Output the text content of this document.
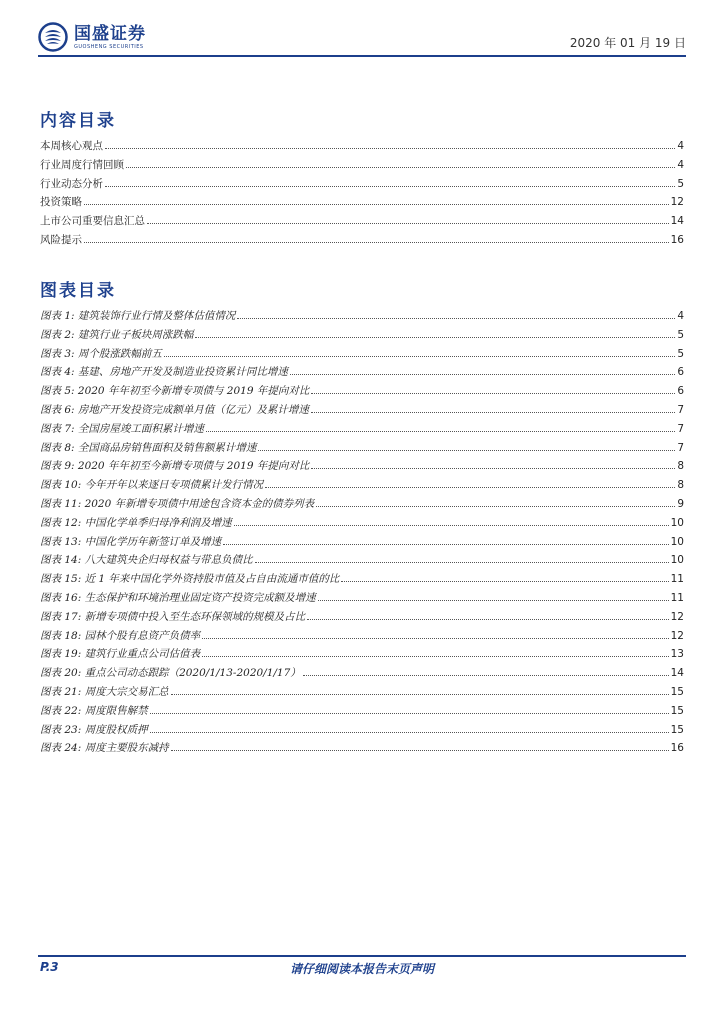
国盛证券
GUOSHENG SECURITIES	2020 年 01 月 19 日
内容目录
本周核心观点	4
行业周度行情回顾	4
行业动态分析	5
投资策略	12
上市公司重要信息汇总	14
风险提示	16
图表目录
图表 1: 建筑装饰行业行情及整体估值情况	4
图表 2: 建筑行业子板块周涨跌幅	5
图表 3: 周个股涨跌幅前五	5
图表 4: 基建、房地产开发及制造业投资累计同比增速	6
图表 5: 2020 年年初至今新增专项债与 2019 年提向对比	6
图表 6: 房地产开发投资完成额单月值（亿元）及累计增速	7
图表 7: 全国房屋竣工面积累计增速	7
图表 8: 全国商品房销售面积及销售额累计增速	7
图表 9: 2020 年年初至今新增专项债与 2019 年提向对比	8
图表 10: 今年开年以来逐日专项债累计发行情况	8
图表 11: 2020 年新增专项债中用途包含资本金的债券列表	9
图表 12: 中国化学单季归母净利润及增速	10
图表 13: 中国化学历年新签订单及增速	10
图表 14: 八大建筑央企归母权益与带息负债比	10
图表 15: 近 1 年来中国化学外资持股市值及占自由流通市值的比	11
图表 16: 生态保护和环境治理业固定资产投资完成额及增速	11
图表 17: 新增专项债中投入至生态环保领域的规模及占比	12
图表 18: 园林个股有息资产负债率	12
图表 19: 建筑行业重点公司估值表	13
图表 20: 重点公司动态跟踪（2020/1/13-2020/1/17）	14
图表 21: 周度大宗交易汇总	15
图表 22: 周度限售解禁	15
图表 23: 周度股权质押	15
图表 24: 周度主要股东减持	16
P.3	请仔细阅读本报告末页声明
